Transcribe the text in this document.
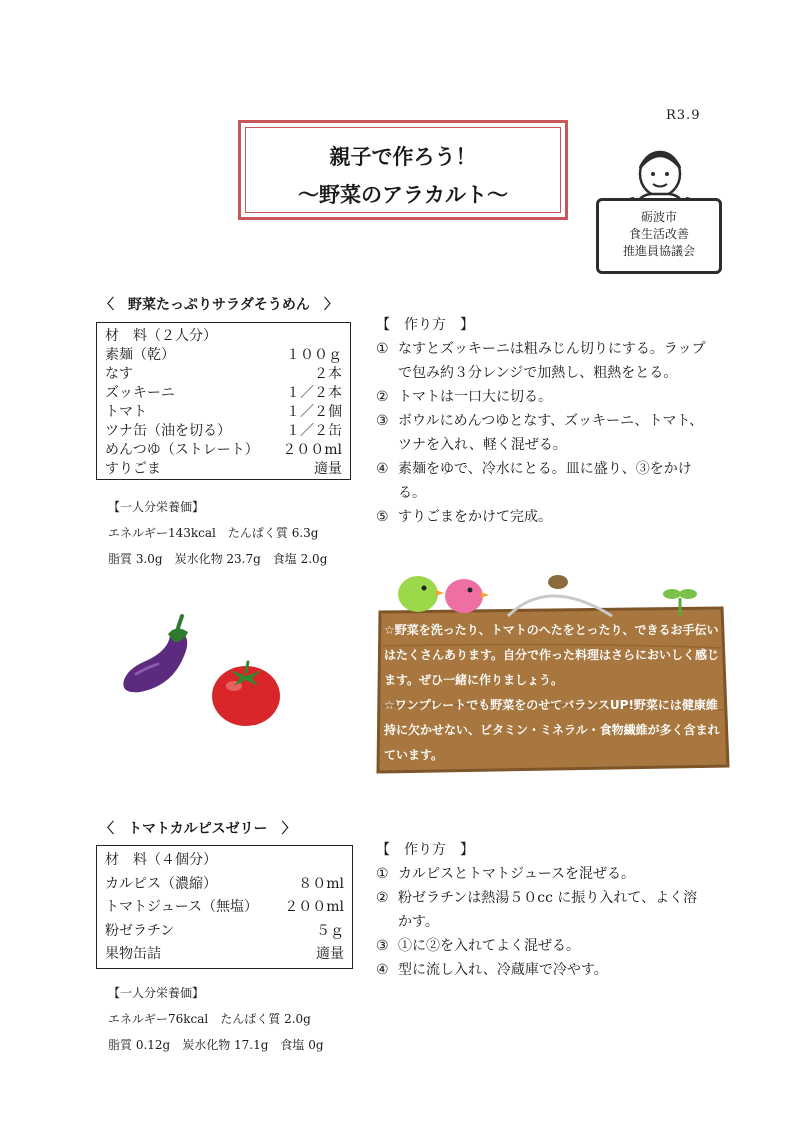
R3.9
親子で作ろう！
～野菜のアラカルト～
砺波市
食生活改善
推進員協議会
〈　野菜たっぷりサラダそうめん　〉
材　料（２人分）
素麺（乾）	１００ｇ
なす	２本
ズッキーニ	１／２本
トマト	１／２個
ツナ缶（油を切る）	１／２缶
めんつゆ（ストレート） ２００ml
すりごま	適量
【一人分栄養価】
エネルギー143kcal　たんぱく質 6.3g
脂質 3.0g　炭水化物 23.7g　食塩 2.0g
【　作り方　】
① なすとズッキーニは粗みじん切りにする。ラップで包み約３分レンジで加熱し、粗熱をとる。
② トマトは一口大に切る。
③ ボウルにめんつゆとなす、ズッキーニ、トマト、ツナを入れ、軽く混ぜる。
④ 素麺をゆで、冷水にとる。皿に盛り、③をかける。
⑤ すりごまをかけて完成。
☆野菜を洗ったり、トマトのへたをとったり、できるお手伝いはたくさんあります。自分で作った料理はさらにおいしく感じます。ぜひ一緒に作りましょう。
☆ワンプレートでも野菜をのせてバランスUP!野菜には健康維持に欠かせない、ビタミン・ミネラル・食物繊維が多く含まれています。
〈　トマトカルピスゼリー　〉
材　料（４個分）
カルピス（濃縮）	８０ml
トマトジュース（無塩） ２００ml
粉ゼラチン	５ｇ
果物缶詰	適量
【一人分栄養価】
エネルギー76kcal　たんぱく質 2.0g
脂質 0.12g　炭水化物 17.1g　食塩 0g
【　作り方　】
① カルピスとトマトジュースを混ぜる。
② 粉ゼラチンは熱湯５０cc に振り入れて、よく溶かす。
③ ①に②を入れてよく混ぜる。
④ 型に流し入れ、冷蔵庫で冷やす。
